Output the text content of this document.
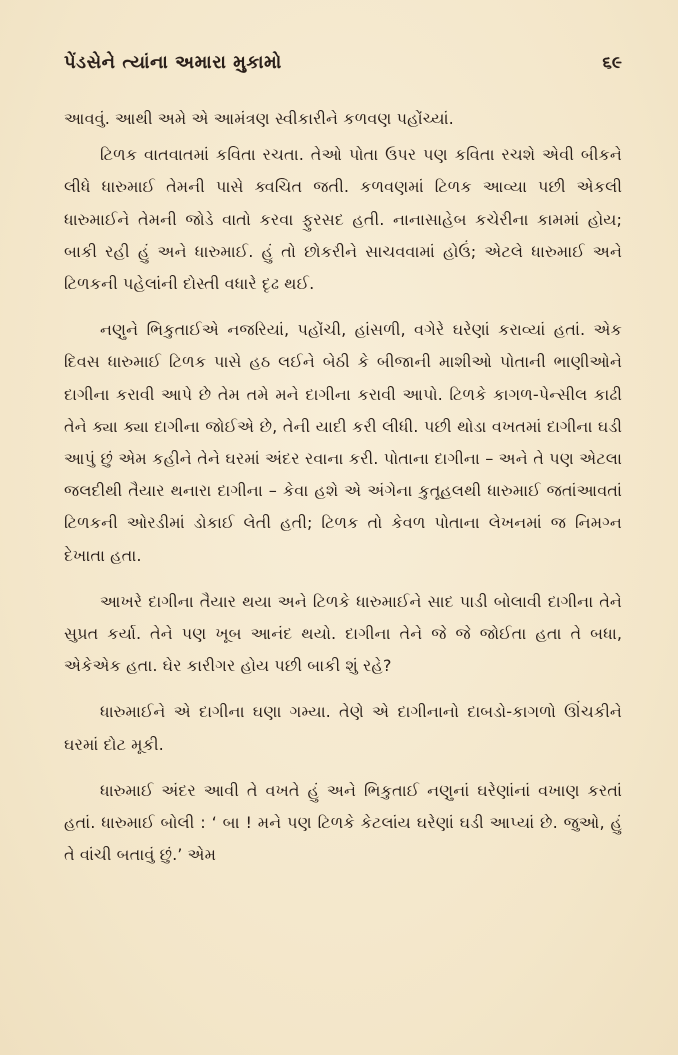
પેંડસેને ત્યાંના અમારા મુકામો	૬૯

આવવું. આથી અમે એ આમંત્રણ સ્વીકારીને કળવણ પહોંચ્યાં.

ટિળક વાતવાતમાં કવિતા રચતા. તેઓ પોતા ઉપર પણ કવિતા રચશે એવી બીકને લીધે ધારુમાઈ તેમની પાસે ક્વચિત જતી. કળવણમાં ટિળક આવ્યા પછી એકલી ધારુમાઈને તેમની જોડે વાતો કરવા ફુરસદ હતી. નાનાસાહેબ કચેરીના કામમાં હોય; બાકી રહી હું અને ધારુમાઈ. હું તો છોકરીને સાચવવામાં હોઉં; એટલે ધારુમાઈ અને ટિળકની પહેલાંની દોસ્તી વધારે દૃઢ થઈ.

નણુને ભિકુતાઈએ નજરિયાં, પહોંચી, હાંસળી, વગેરે ઘરેણાં કરાવ્યાં હતાં. એક દિવસ ધારુમાઈ ટિળક પાસે હઠ લઈને બેઠી કે બીજાની માશીઓ પોતાની ભાણીઓને દાગીના કરાવી આપે છે તેમ તમે મને દાગીના કરાવી આપો. ટિળકે કાગળ-પેન્સીલ કાઢી તેને ક્યા ક્યા દાગીના જોઈએ છે, તેની યાદી કરી લીધી. પછી થોડા વખતમાં દાગીના ઘડી આપું છું એમ કહીને તેને ઘરમાં અંદર રવાના કરી. પોતાના દાગીના – અને તે પણ એટલા જલદીથી તૈયાર થનારા દાગીના – કેવા હશે એ અંગેના કુતૂહલથી ધારુમાઈ જતાંઆવતાં ટિળકની ઓરડીમાં ડોકાઈ લેતી હતી; ટિળક તો કેવળ પોતાના લેખનમાં જ નિમગ્ન દેખાતા હતા.

આખરે દાગીના તૈયાર થયા અને ટિળકે ધારુમાઈને સાદ પાડી બોલાવી દાગીના તેને સુપ્રત કર્યા. તેને પણ ખૂબ આનંદ થયો. દાગીના તેને જે જે જોઈતા હતા તે બધા, એકેએક હતા. ઘેર કારીગર હોય પછી બાકી શું રહે?

ધારુમાઈને એ દાગીના ઘણા ગમ્યા. તેણે એ દાગીનાનો દાબડો-કાગળો ઊંચકીને ઘરમાં દોટ મૂકી.

ધારુમાઈ અંદર આવી તે વખતે હું અને ભિકુતાઈ નણુનાં ઘરેણાંનાં વખાણ કરતાં હતાં. ધારુમાઈ બોલી : ‘ બા ! મને પણ ટિળકે કેટલાંય ઘરેણાં ઘડી આપ્યાં છે. જુઓ, હું તે વાંચી બતાવું છું.’ એમ
